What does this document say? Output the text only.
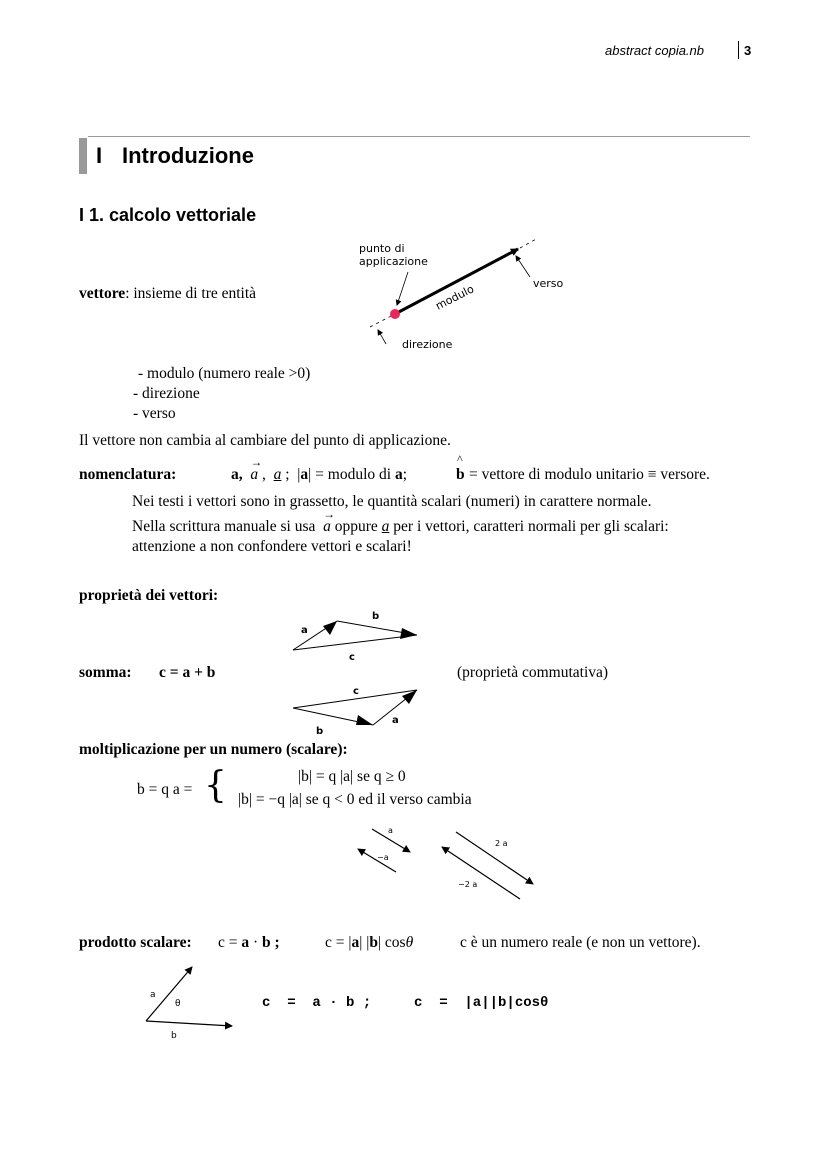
abstract copia.nb	3
I Introduzione
I 1. calcolo vettoriale
vettore: insieme di tre entità
punto di
applicazione
modulo	verso
direzione
- modulo (numero reale >0)
- direzione
- verso
Il vettore non cambia al cambiare del punto di applicazione.
nomenclatura:	a,
→
a ,  a ;  |a| = modulo di a;
^
b = vettore di modulo unitario ≡ versore.
Nei testi i vettori sono in grassetto, le quantità scalari (numeri) in carattere normale.
Nella scrittura manuale si usa
→
a oppure a per i vettori, caratteri normali per gli scalari:
attenzione a non confondere vettori e scalari!
proprietà dei vettori:
a
b
c
c
a
b
somma: c = a + b	(proprietà commutativa)
moltiplicazione per un numero (scalare):
b = q a = {	|b| = q |a| se q ≥ 0
|b| = −q |a| se q < 0 ed il verso cambia
a
−a
2 a
−2 a
prodotto scalare: c = a · b ;	c = |a| |b| cosθ	c è un numero reale (e non un vettore).
a
θ
b
c  =  a · b ;	c  =  |a||b|cosθ
